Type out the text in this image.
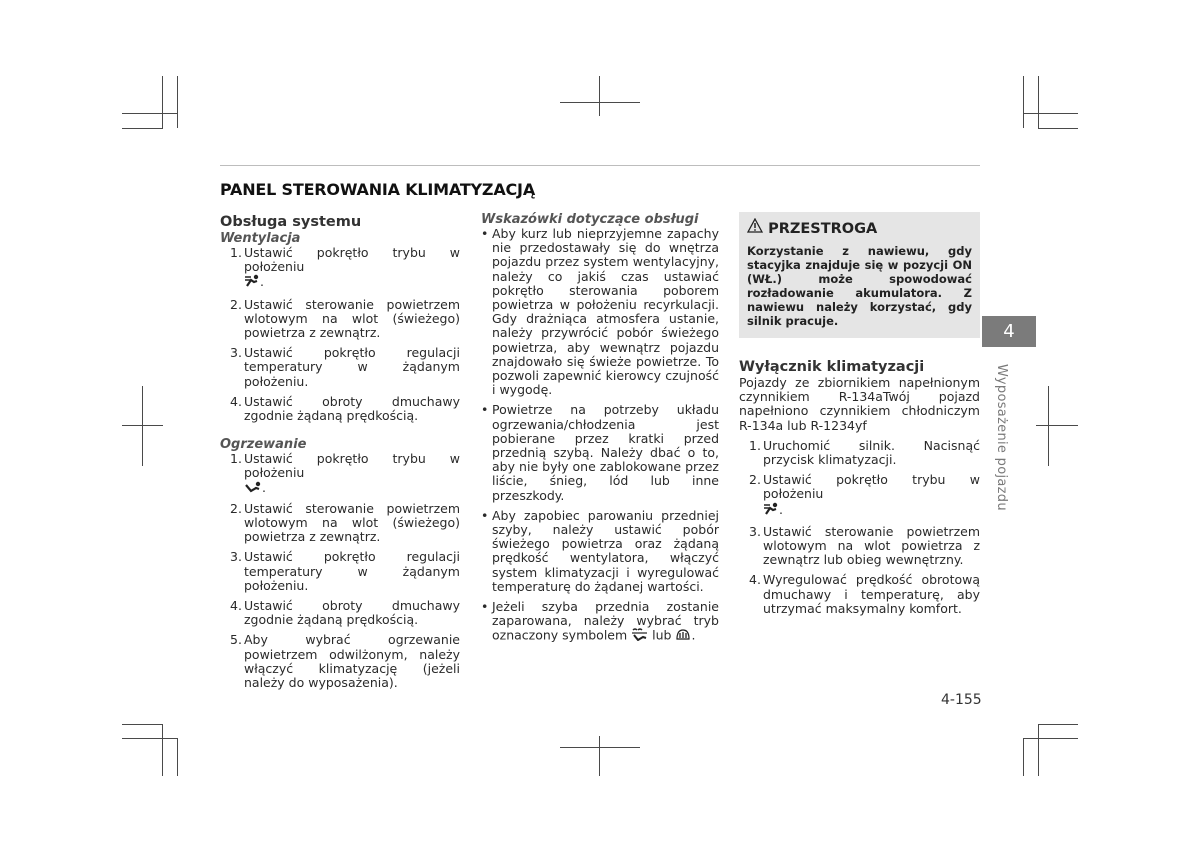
PANEL STEROWANIA KLIMATYZACJĄ
Obsługa systemu
Wentylacja
1. Ustawić pokrętło trybu w położeniu
.
2. Ustawić sterowanie powietrzem wlotowym na wlot (świeżego) powietrza z zewnątrz.
3. Ustawić pokrętło regulacji temperatury w żądanym położeniu.
4. Ustawić obroty dmuchawy zgodnie żądaną prędkością.
Ogrzewanie
1. Ustawić pokrętło trybu w położeniu
.
2. Ustawić sterowanie powietrzem wlotowym na wlot (świeżego) powietrza z zewnątrz.
3. Ustawić pokrętło regulacji temperatury w żądanym położeniu.
4. Ustawić obroty dmuchawy zgodnie żądaną prędkością.
5. Aby wybrać ogrzewanie powietrzem odwilżonym, należy włączyć klimatyzację (jeżeli należy do wyposażenia).
Wskazówki dotyczące obsługi
• Aby kurz lub nieprzyjemne zapachy nie przedostawały się do wnętrza pojazdu przez system wentylacyjny, należy co jakiś czas ustawiać pokrętło sterowania poborem powietrza w położeniu recyrkulacji. Gdy drażniąca atmosfera ustanie, należy przywrócić pobór świeżego powietrza, aby wewnątrz pojazdu znajdowało się świeże powietrze. To pozwoli zapewnić kierowcy czujność i wygodę.
• Powietrze na potrzeby układu ogrzewania/chłodzenia jest pobierane przez kratki przed przednią szybą. Należy dbać o to, aby nie były one zablokowane przez liście, śnieg, lód lub inne przeszkody.
• Aby zapobiec parowaniu przedniej szyby, należy ustawić pobór świeżego powietrza oraz żądaną prędkość wentylatora, włączyć system klimatyzacji i wyregulować temperaturę do żądanej wartości.
• Jeżeli szyba przednia zostanie zaparowana, należy wybrać tryb oznaczony symbolem lub .
PRZESTROGA
Korzystanie z nawiewu, gdy stacyjka znajduje się w pozycji ON (WŁ.) może spowodować rozładowanie akumulatora. Z nawiewu należy korzystać, gdy silnik pracuje.
Wyłącznik klimatyzacji
Pojazdy ze zbiornikiem napełnionym czynnikiem R-134aTwój pojazd napełniono czynnikiem chłodniczym R-134a lub R-1234yf
1. Uruchomić silnik. Nacisnąć przycisk klimatyzacji.
2. Ustawić pokrętło trybu w położeniu
.
3. Ustawić sterowanie powietrzem wlotowym na wlot powietrza z zewnątrz lub obieg wewnętrzny.
4. Wyregulować prędkość obrotową dmuchawy i temperaturę, aby utrzymać maksymalny komfort.
4
Wyposażenie pojazdu
4-155
